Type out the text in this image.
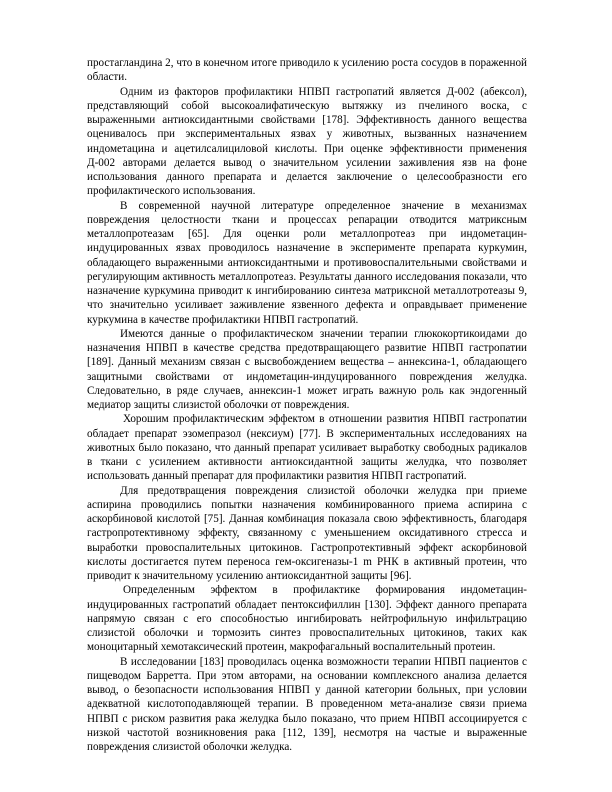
простагландина 2, что в конечном итоге приводило к усилению роста сосудов в пораженной области.

Одним из факторов профилактики НПВП гастропатий является Д-002 (абексол), представляющий собой высокоалифатическую вытяжку из пчелиного воска, с выраженными антиоксидантными свойствами [178]. Эффективность данного вещества оценивалось при экспериментальных язвах у животных, вызванных назначением индометацина и ацетилсалициловой кислоты. При оценке эффективности применения Д-002 авторами делается вывод о значительном усилении заживления язв на фоне использования данного препарата и делается заключение о целесообразности его профилактического использования.

В современной научной литературе определенное значение в механизмах повреждения целостности ткани и процессах репарации отводится матриксным металлопротеазам [65]. Для оценки роли металлопротеаз при индометацин-индуцированных язвах проводилось назначение в эксперименте препарата куркумин, обладающего выраженными антиоксидантными и противовоспалительными свойствами и регулирующим активность металлопротеаз. Результаты данного исследования показали, что назначение куркумина приводит к ингибированию синтеза матриксной металлотротеазы 9, что значительно усиливает заживление язвенного дефекта и оправдывает применение куркумина в качестве профилактики НПВП гастропатий.

Имеются данные о профилактическом значении терапии глюкокортикоидами до назначения НПВП в качестве средства предотвращающего развитие НПВП гастропатии [189]. Данный механизм связан с высвобождением вещества – аннексина-1, обладающего защитными свойствами от индометацин-индуцированного повреждения желудка. Следовательно, в ряде случаев, аннексин-1 может играть важную роль как эндогенный медиатор защиты слизистой оболочки от повреждения.

Хорошим профилактическим эффектом в отношении развития НПВП гастропатии обладает препарат эзомепразол (нексиум) [77]. В экспериментальных исследованиях на животных было показано, что данный препарат усиливает выработку свободных радикалов в ткани с усилением активности антиоксидантной защиты желудка, что позволяет использовать данный препарат для профилактики развития НПВП гастропатий.

Для предотвращения повреждения слизистой оболочки желудка при приеме аспирина проводились попытки назначения комбинированного приема аспирина с аскорбиновой кислотой [75]. Данная комбинация показала свою эффективность, благодаря гастропротективному эффекту, связанному с уменьшением оксидативного стресса и выработки провоспалительных цитокинов. Гастропротективный эффект аскорбиновой кислоты достигается путем переноса гем-оксигеназы-1 m РНК в активный протеин, что приводит к значительному усилению антиоксидантной защиты [96].

Определенным эффектом в профилактике формирования индометацин-индуцированных гастропатий обладает пентоксифиллин [130]. Эффект данного препарата напрямую связан с его способностью ингибировать нейтрофильную инфильтрацию слизистой оболочки и тормозить синтез провоспалительных цитокинов, таких как моноцитарный хемотаксический протеин, макрофагальный воспалительный протеин.

В исследовании [183] проводилась оценка возможности терапии НПВП пациентов с пищеводом Барретта. При этом авторами, на основании комплексного анализа делается вывод, о безопасности использования НПВП у данной категории больных, при условии адекватной кислотоподавляющей терапии. В проведенном мета-анализе связи приема НПВП с риском развития рака желудка было показано, что прием НПВП ассоциируется с низкой частотой возникновения рака [112, 139], несмотря на частые и выраженные повреждения слизистой оболочки желудка.
